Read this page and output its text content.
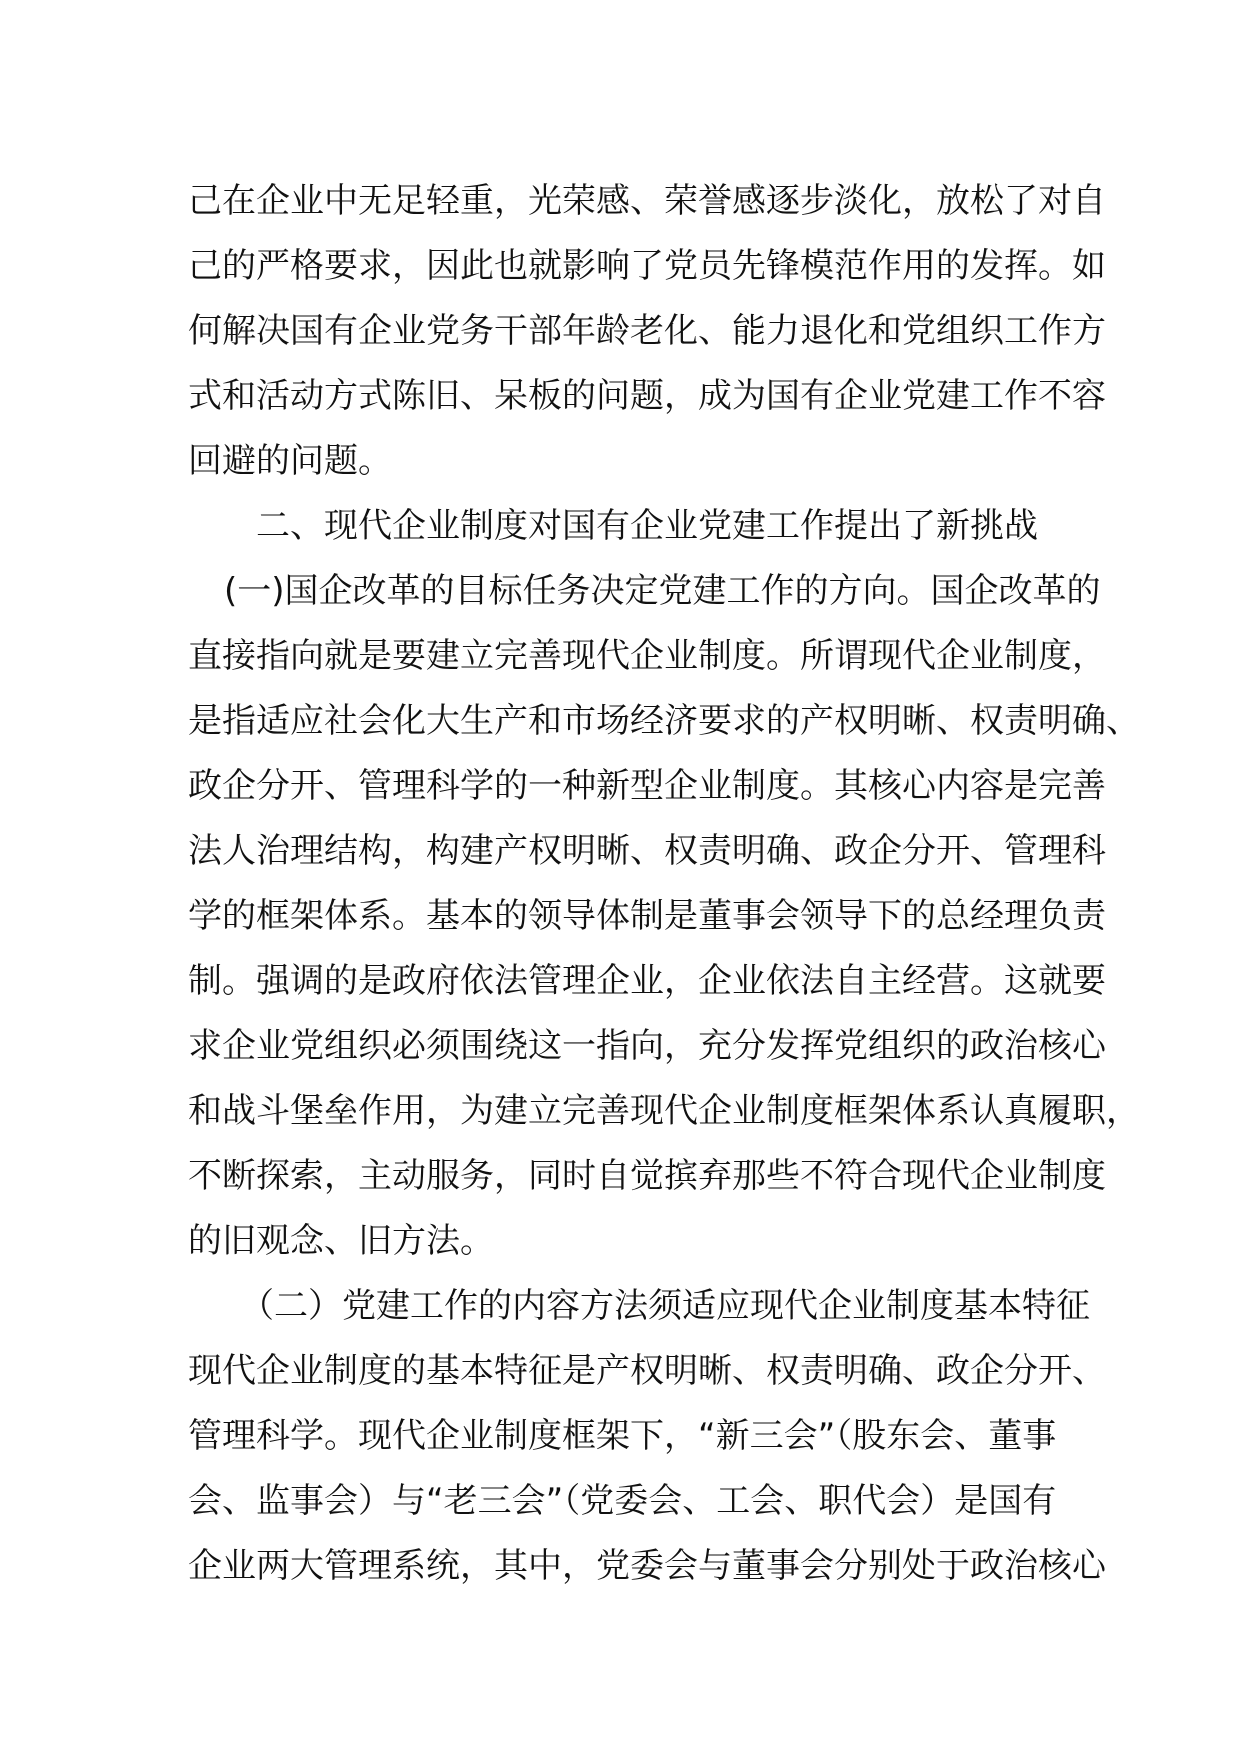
己在企业中无足轻重，光荣感、荣誉感逐步淡化，放松了对自
己的严格要求，因此也就影响了党员先锋模范作用的发挥。如
何解决国有企业党务干部年龄老化、能力退化和党组织工作方
式和活动方式陈旧、呆板的问题，成为国有企业党建工作不容
回避的问题。
二、现代企业制度对国有企业党建工作提出了新挑战
(一)国企改革的目标任务决定党建工作的方向。国企改革的
直接指向就是要建立完善现代企业制度。所谓现代企业制度，
是指适应社会化大生产和市场经济要求的产权明晰、权责明确、
政企分开、管理科学的一种新型企业制度。其核心内容是完善
法人治理结构，构建产权明晰、权责明确、政企分开、管理科
学的框架体系。基本的领导体制是董事会领导下的总经理负责
制。强调的是政府依法管理企业，企业依法自主经营。这就要
求企业党组织必须围绕这一指向，充分发挥党组织的政治核心
和战斗堡垒作用，为建立完善现代企业制度框架体系认真履职，
不断探索，主动服务，同时自觉摈弃那些不符合现代企业制度
的旧观念、旧方法。
（二）党建工作的内容方法须适应现代企业制度基本特征
现代企业制度的基本特征是产权明晰、权责明确、政企分开、
管理科学。现代企业制度框架下，“新三会”（股东会、董事
会、监事会）与“老三会”（党委会、工会、职代会）是国有
企业两大管理系统，其中，党委会与董事会分别处于政治核心
